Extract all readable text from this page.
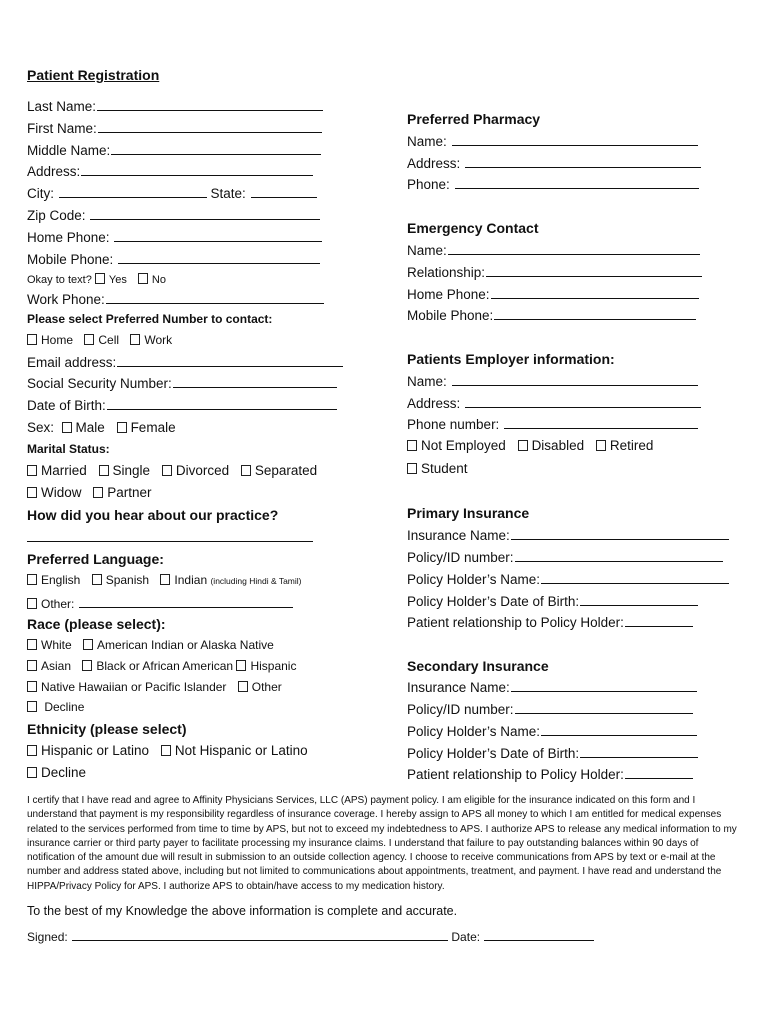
Patient Registration
Last Name:
First Name:
Middle Name:
Address:
City:	State:
Zip Code:
Home Phone:
Mobile Phone:
Okay to text? Yes No
Work Phone:
Please select Preferred Number to contact:
Home Cell Work
Email address:
Social Security Number:
Date of Birth:
Sex: Male Female
Marital Status:
Married Single Divorced Separated
Widow Partner
How did you hear about our practice?
Preferred Language:
English Spanish Indian (including Hindi & Tamil)
Other:
Race (please select):
White American Indian or Alaska Native
Asian Black or African American Hispanic
Native Hawaiian or Pacific Islander Other
Decline
Ethnicity (please select)
Hispanic or Latino Not Hispanic or Latino
Decline
Preferred Pharmacy
Name:
Address:
Phone:
Emergency Contact
Name:
Relationship:
Home Phone:
Mobile Phone:
Patients Employer information:
Name:
Address:
Phone number:
Not Employed Disabled Retired
Student
Primary Insurance
Insurance Name:
Policy/ID number:
Policy Holder’s Name:
Policy Holder’s Date of Birth:
Patient relationship to Policy Holder:
Secondary Insurance
Insurance Name:
Policy/ID number:
Policy Holder’s Name:
Policy Holder’s Date of Birth:
Patient relationship to Policy Holder:
I certify that I have read and agree to Affinity Physicians Services, LLC (APS) payment policy. I am eligible for the insurance indicated on this form and I understand that payment is my responsibility regardless of insurance coverage. I hereby assign to APS all money to which I am entitled for medical expenses related to the services performed from time to time by APS, but not to exceed my indebtedness to APS. I authorize APS to release any medical information to my insurance carrier or third party payer to facilitate processing my insurance claims. I understand that failure to pay outstanding balances within 90 days of notification of the amount due will result in submission to an outside collection agency. I choose to receive communications from APS by text or e-mail at the number and address stated above, including but not limited to communications about appointments, treatment, and payment. I have read and understand the HIPPA/Privacy Policy for APS. I authorize APS to obtain/have access to my medication history.
To the best of my Knowledge the above information is complete and accurate.
Signed:	Date:
